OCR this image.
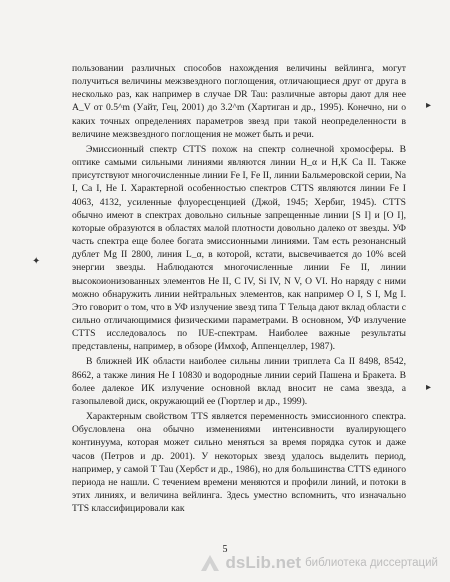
пользовании различных способов нахождения величины вейлинга, могут получиться величины межзвездного поглощения, отличающиеся друг от друга в несколько раз, как например в случае DR Tau: различные авторы дают для нее A_V от 0.5^m (Уайт, Гец, 2001) до 3.2^m (Хартиган и др., 1995). Конечно, ни о каких точных определениях параметров звезд при такой неопределенности в величине межзвездного поглощения не может быть и речи.

Эмиссионный спектр CTTS похож на спектр солнечной хромосферы. В оптике самыми сильными линиями являются линии H_α и H,K Ca II. Также присутствуют многочисленные линии Fe I, Fe II, линии Бальмеровской серии, Na I, Ca I, He I. Характерной особенностью спектров CTTS являются линии Fe I 4063, 4132, усиленные флуоресценцией (Джой, 1945; Хербиг, 1945). CTTS обычно имеют в спектрах довольно сильные запрещенные линии [S I] и [O I], которые образуются в областях малой плотности довольно далеко от звезды. УФ часть спектра еще более богата эмиссионными линиями. Там есть резонансный дублет Mg II 2800, линия L_α, в которой, кстати, высвечивается до 10% всей энергии звезды. Наблюдаются многочисленные линии Fe II, линии высокоионизованных элементов He II, C IV, Si IV, N V, O VI. Но наряду с ними можно обнаружить линии нейтральных элементов, как например O I, S I, Mg I. Это говорит о том, что в УФ излучение звезд типа Т Тельца дают вклад области с сильно отличающимися физическими параметрами. В основном, УФ излучение CTTS исследовалось по IUE-спектрам. Наиболее важные результаты представлены, например, в обзоре (Имхоф, Аппенцеллер, 1987).

В ближней ИК области наиболее сильны линии триплета Ca II 8498, 8542, 8662, а также линия He I 10830 и водородные линии серий Пашена и Бракета. В более далекое ИК излучение основной вклад вносит не сама звезда, а газопылевой диск, окружающий ее (Гюртлер и др., 1999).

Характерным свойством TTS является переменность эмиссионного спектра. Обусловлена она обычно изменениями интенсивности вуалирующего континуума, которая может сильно меняться за время порядка суток и даже часов (Петров и др. 2001). У некоторых звезд удалось выделить период, например, у самой Т Tau (Хербст и др., 1986), но для большинства CTTS единого периода не нашли. С течением времени меняются и профили линий, и потоки в этих линиях, и величина вейлинга. Здесь уместно вспомнить, что изначально TTS классифицировали как

5
▸
✦
▸
dsLib.net библиотека диссертаций
